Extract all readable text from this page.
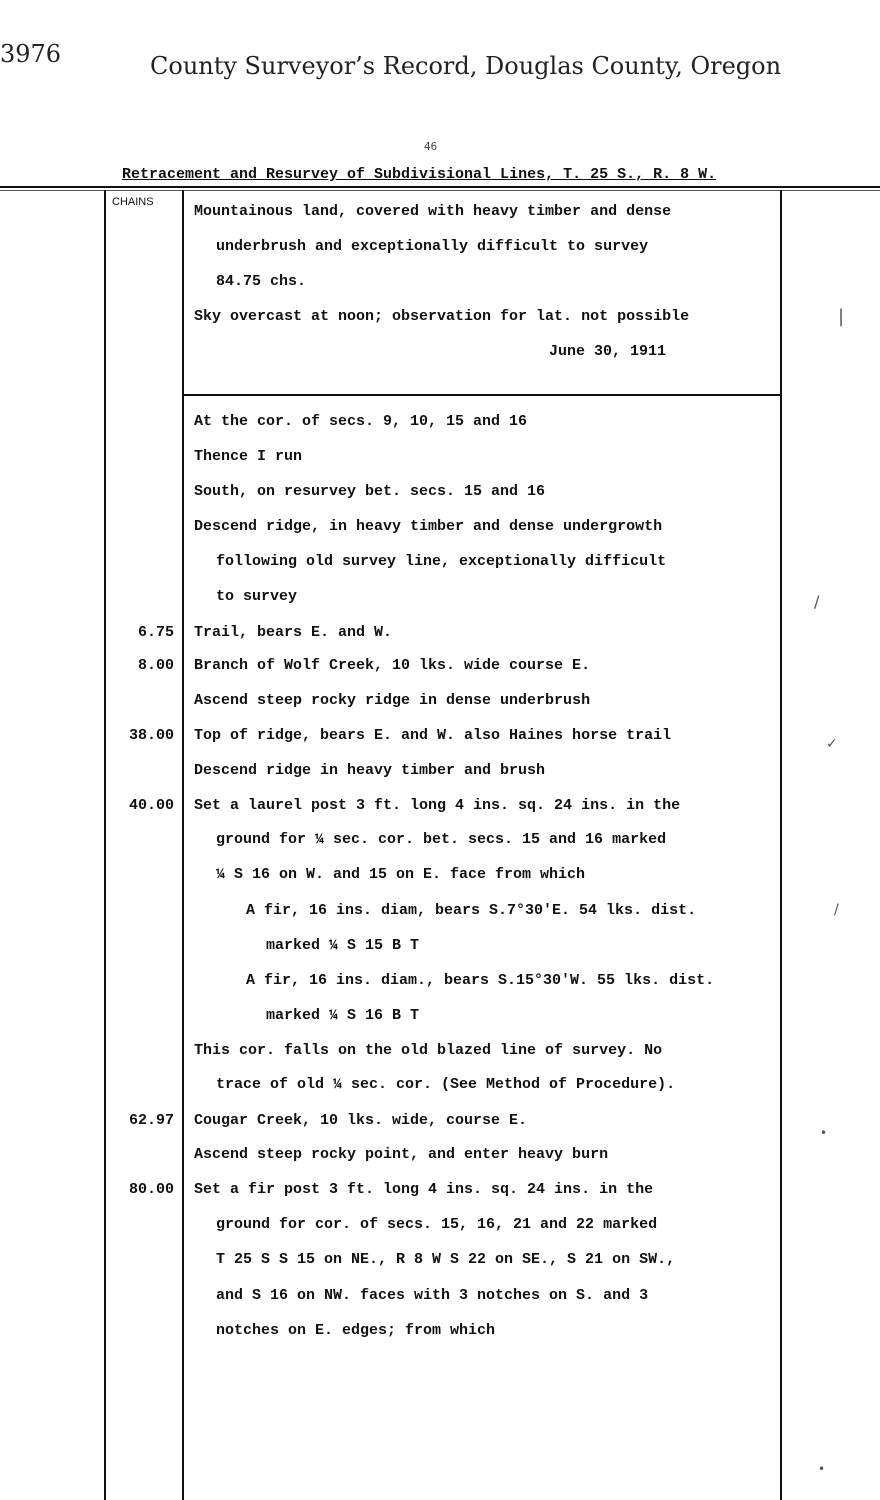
3976	County Surveyor’s Record, Douglas County, Oregon
46
Retracement and Resurvey of Subdivisional Lines, T. 25 S., R. 8 W.
CHAINS
Mountainous land, covered with heavy timber and dense
underbrush and exceptionally difficult to survey
84.75 chs.
Sky overcast at noon; observation for lat. not possible
June 30, 1911
At the cor. of secs. 9, 10, 15 and 16
Thence I run
South, on resurvey bet. secs. 15 and 16
Descend ridge, in heavy timber and dense undergrowth
following old survey line, exceptionally difficult
to survey
6.75 Trail, bears E. and W.
8.00 Branch of Wolf Creek, 10 lks. wide course E.
Ascend steep rocky ridge in dense underbrush
38.00 Top of ridge, bears E. and W. also Haines horse trail
Descend ridge in heavy timber and brush
40.00 Set a laurel post 3 ft. long 4 ins. sq. 24 ins. in the
ground for ¼ sec. cor. bet. secs. 15 and 16 marked
¼ S 16 on W. and 15 on E. face from which
A fir, 16 ins. diam, bears S.7°30'E. 54 lks. dist.
marked ¼ S 15 B T
A fir, 16 ins. diam., bears S.15°30'W. 55 lks. dist.
marked ¼ S 16 B T
This cor. falls on the old blazed line of survey. No
trace of old ¼ sec. cor. (See Method of Procedure).
62.97 Cougar Creek, 10 lks. wide, course E.
Ascend steep rocky point, and enter heavy burn
80.00 Set a fir post 3 ft. long 4 ins. sq. 24 ins. in the
ground for cor. of secs. 15, 16, 21 and 22 marked
T 25 S S 15 on NE., R 8 W S 22 on SE., S 21 on SW.,
and S 16 on NW. faces with 3 notches on S. and 3
notches on E. edges; from which
|
/
✓
/
•
•
